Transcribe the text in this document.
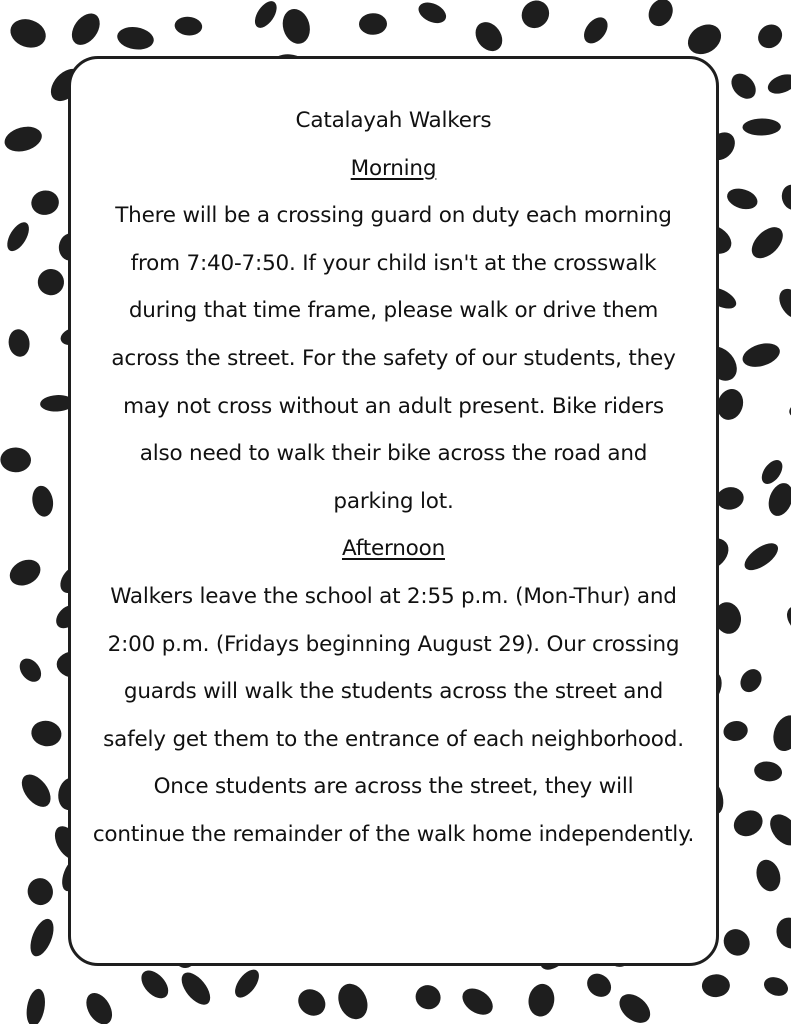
Catalayah Walkers
Morning
There will be a crossing guard on duty each morning
from 7:40-7:50. If your child isn't at the crosswalk
during that time frame, please walk or drive them
across the street. For the safety of our students, they
may not cross without an adult present. Bike riders
also need to walk their bike across the road and
parking lot.
Afternoon
Walkers leave the school at 2:55 p.m. (Mon-Thur) and
2:00 p.m. (Fridays beginning August 29). Our crossing
guards will walk the students across the street and
safely get them to the entrance of each neighborhood.
Once students are across the street, they will
continue the remainder of the walk home independently.
